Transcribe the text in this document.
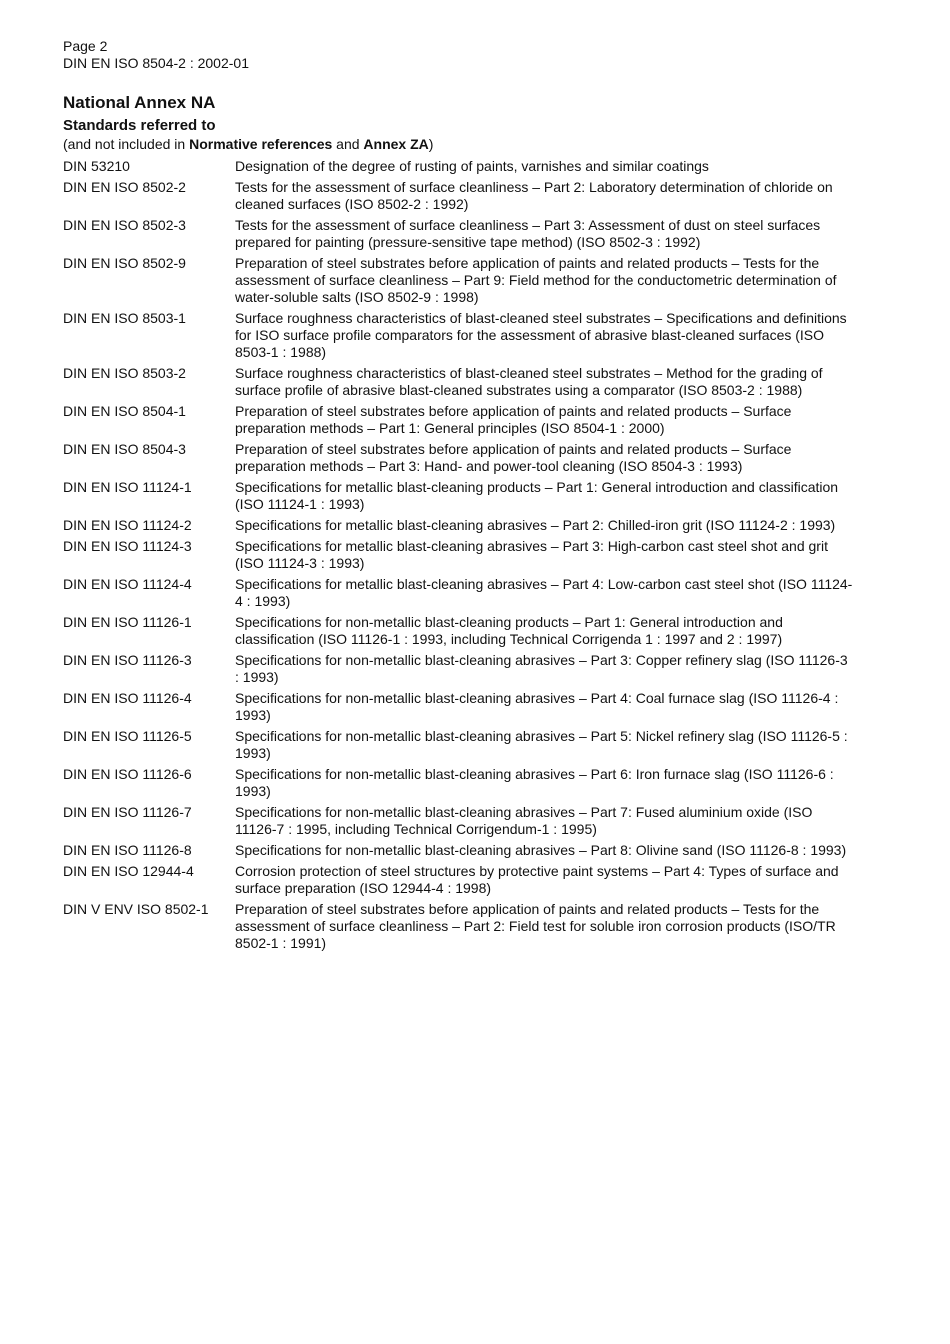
Page 2
DIN EN ISO 8504-2 : 2002-01
National Annex NA
Standards referred to
(and not included in Normative references and Annex ZA)
DIN 53210	Designation of the degree of rusting of paints, varnishes and similar coatings
DIN EN ISO 8502-2	Tests for the assessment of surface cleanliness – Part 2: Laboratory determination of chloride on cleaned surfaces (ISO 8502-2 : 1992)
DIN EN ISO 8502-3	Tests for the assessment of surface cleanliness – Part 3: Assessment of dust on steel surfaces prepared for painting (pressure-sensitive tape method) (ISO 8502-3 : 1992)
DIN EN ISO 8502-9	Preparation of steel substrates before application of paints and related products – Tests for the assessment of surface cleanliness – Part 9: Field method for the conductometric determination of water-soluble salts (ISO 8502-9 : 1998)
DIN EN ISO 8503-1	Surface roughness characteristics of blast-cleaned steel substrates – Specifications and definitions for ISO surface profile comparators for the assessment of abrasive blast-cleaned surfaces (ISO 8503-1 : 1988)
DIN EN ISO 8503-2	Surface roughness characteristics of blast-cleaned steel substrates – Method for the grading of surface profile of abrasive blast-cleaned substrates using a comparator (ISO 8503-2 : 1988)
DIN EN ISO 8504-1	Preparation of steel substrates before application of paints and related products – Surface preparation methods – Part 1: General principles (ISO 8504-1 : 2000)
DIN EN ISO 8504-3	Preparation of steel substrates before application of paints and related products – Surface preparation methods – Part 3: Hand- and power-tool cleaning (ISO 8504-3 : 1993)
DIN EN ISO 11124-1	Specifications for metallic blast-cleaning products – Part 1: General introduction and classification (ISO 11124-1 : 1993)
DIN EN ISO 11124-2	Specifications for metallic blast-cleaning abrasives – Part 2: Chilled-iron grit (ISO 11124-2 : 1993)
DIN EN ISO 11124-3	Specifications for metallic blast-cleaning abrasives – Part 3: High-carbon cast steel shot and grit (ISO 11124-3 : 1993)
DIN EN ISO 11124-4	Specifications for metallic blast-cleaning abrasives – Part 4: Low-carbon cast steel shot (ISO 11124-4 : 1993)
DIN EN ISO 11126-1	Specifications for non-metallic blast-cleaning products – Part 1: General introduction and classification (ISO 11126-1 : 1993, including Technical Corrigenda 1 : 1997 and 2 : 1997)
DIN EN ISO 11126-3	Specifications for non-metallic blast-cleaning abrasives – Part 3: Copper refinery slag (ISO 11126-3 : 1993)
DIN EN ISO 11126-4	Specifications for non-metallic blast-cleaning abrasives – Part 4: Coal furnace slag (ISO 11126-4 : 1993)
DIN EN ISO 11126-5	Specifications for non-metallic blast-cleaning abrasives – Part 5: Nickel refinery slag (ISO 11126-5 : 1993)
DIN EN ISO 11126-6	Specifications for non-metallic blast-cleaning abrasives – Part 6: Iron furnace slag (ISO 11126-6 : 1993)
DIN EN ISO 11126-7	Specifications for non-metallic blast-cleaning abrasives – Part 7: Fused aluminium oxide (ISO 11126-7 : 1995, including Technical Corrigendum-1 : 1995)
DIN EN ISO 11126-8	Specifications for non-metallic blast-cleaning abrasives – Part 8: Olivine sand (ISO 11126-8 : 1993)
DIN EN ISO 12944-4	Corrosion protection of steel structures by protective paint systems – Part 4: Types of surface and surface preparation (ISO 12944-4 : 1998)
DIN V ENV ISO 8502-1	Preparation of steel substrates before application of paints and related products – Tests for the assessment of surface cleanliness – Part 2: Field test for soluble iron corrosion products (ISO/TR 8502-1 : 1991)
